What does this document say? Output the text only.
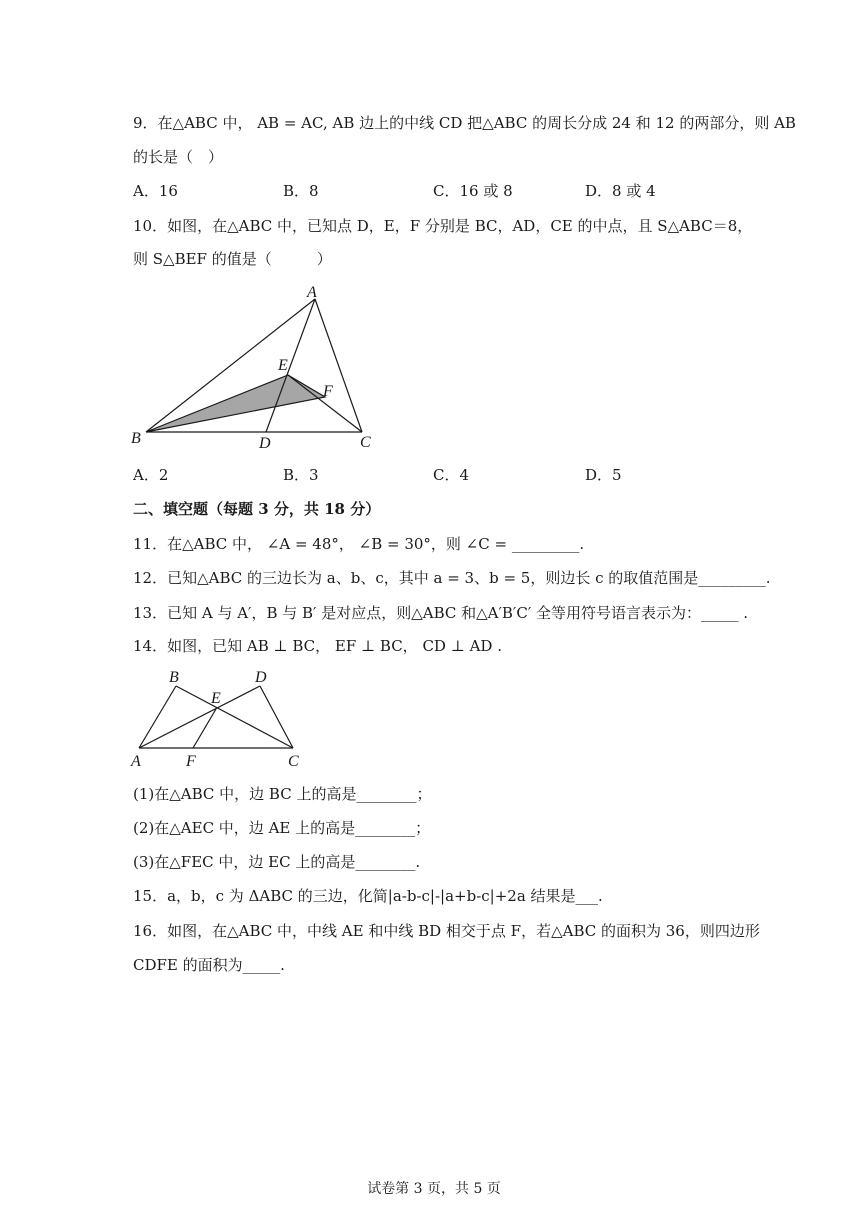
9．在△ABC 中， AB = AC, AB 边上的中线 CD 把△ABC 的周长分成 24 和 12 的两部分，则 AB
的长是（　）
A．16	B．8	C．16 或 8	D．8 或 4
10．如图，在△ABC 中，已知点 D，E，F 分别是 BC，AD，CE 的中点，且 S△ABC＝8，
则 S△BEF 的值是（　　　）
A
B	C
D
E
F
A．2	B．3	C．4	D．5
二、填空题（每题 3 分，共 18 分）
11．在△ABC 中， ∠A = 48°， ∠B = 30°，则 ∠C = _________.
12．已知△ABC 的三边长为 a、b、c，其中 a = 3、b = 5，则边长 c 的取值范围是_________.
13．已知 A 与 A′，B 与 B′ 是对应点，则△ABC 和△A′B′C′ 全等用符号语言表示为：_____ .
14．如图，已知 AB ⊥ BC， EF ⊥ BC， CD ⊥ AD .
B	D
E
A	F	C
(1)在△ABC 中，边 BC 上的高是________；
(2)在△AEC 中，边 AE 上的高是________；
(3)在△FEC 中，边 EC 上的高是________.
15．a，b，c 为 ΔABC 的三边，化简|a-b-c|-|a+b-c|+2a 结果是___.
16．如图，在△ABC 中，中线 AE 和中线 BD 相交于点 F，若△ABC 的面积为 36，则四边形
CDFE 的面积为_____.
试卷第 3 页，共 5 页
